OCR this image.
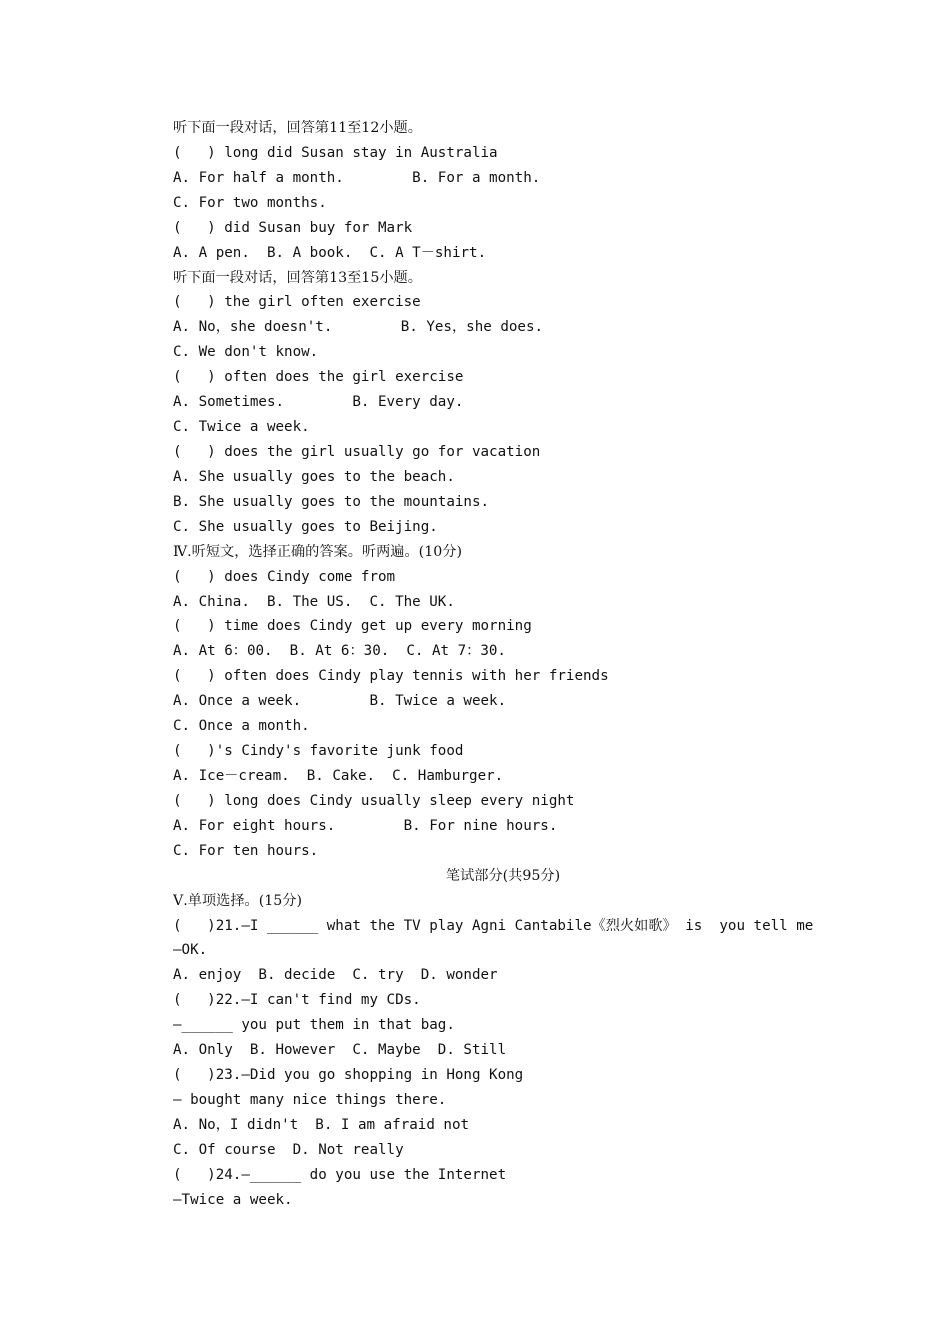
听下面一段对话，回答第11至12小题。
(   ) long did Susan stay in Australia
A. For half a month.        B. For a month.
C. For two months.
(   ) did Susan buy for Mark
A. A pen.  B. A book.  C. A T－shirt.
听下面一段对话，回答第13至15小题。
(   ) the girl often exercise
A. No，she doesn't.        B. Yes，she does.
C. We don't know.
(   ) often does the girl exercise
A. Sometimes.        B. Every day.
C. Twice a week.
(   ) does the girl usually go for vacation
A. She usually goes to the beach.
B. She usually goes to the mountains.
C. She usually goes to Beijing.
Ⅳ.听短文，选择正确的答案。听两遍。(10分)
(   ) does Cindy come from
A. China.  B. The US.  C. The UK.
(   ) time does Cindy get up every morning
A. At 6：00.  B. At 6：30.  C. At 7：30.
(   ) often does Cindy play tennis with her friends
A. Once a week.        B. Twice a week.
C. Once a month.
(   )'s Cindy's favorite junk food
A. Ice－cream.  B. Cake.  C. Hamburger.
(   ) long does Cindy usually sleep every night
A. For eight hours.        B. For nine hours.
C. For ten hours.
笔试部分(共95分)
Ⅴ.单项选择。(15分)
(   )21.—I ______ what the TV play Agni Cantabile《烈火如歌》 is  you tell me
—OK.
A. enjoy  B. decide  C. try  D. wonder
(   )22.—I can't find my CDs.
—______ you put them in that bag.
A. Only  B. However  C. Maybe  D. Still
(   )23.—Did you go shopping in Hong Kong
— bought many nice things there.
A. No，I didn't  B. I am afraid not
C. Of course  D. Not really
(   )24.—______ do you use the Internet
—Twice a week.
